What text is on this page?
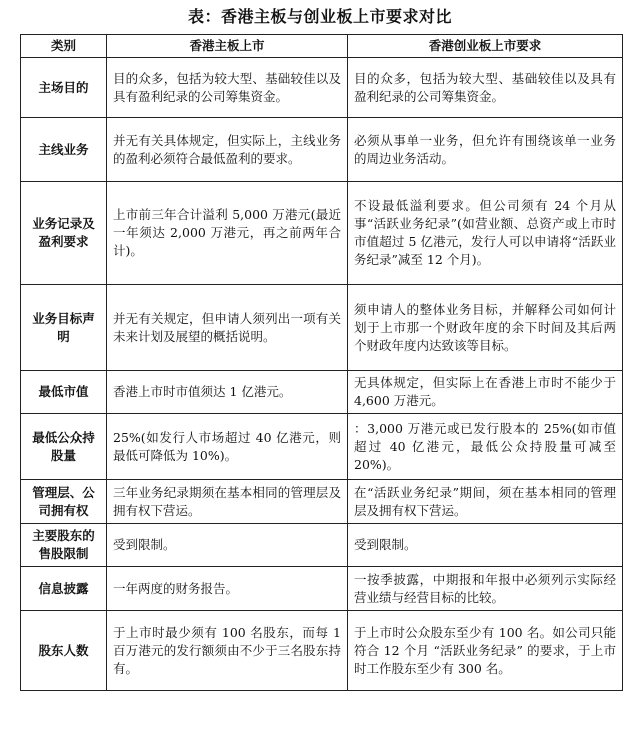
表：香港主板与创业板上市要求对比
类别	香港主板上市	香港创业板上市要求
主场目的	目的众多，包括为较大型、基础较佳以及具有盈利纪录的公司筹集资金。	目的众多，包括为较大型、基础较佳以及具有盈利纪录的公司筹集资金。
主线业务	并无有关具体规定，但实际上，主线业务的盈利必须符合最低盈利的要求。	必须从事单一业务，但允许有围绕该单一业务的周边业务活动。
业务记录及盈利要求	上市前三年合计溢利 5,000 万港元(最近一年须达 2,000 万港元，再之前两年合计)。	不设最低溢利要求。但公司须有 24 个月从事“活跃业务纪录”(如营业额、总资产或上市时市值超过 5 亿港元，发行人可以申请将“活跃业务纪录”减至 12 个月)。
业务目标声明	并无有关规定，但申请人须列出一项有关未来计划及展望的概括说明。	须申请人的整体业务目标，并解释公司如何计划于上市那一个财政年度的余下时间及其后两个财政年度内达致该等目标。
最低市值	香港上市时市值须达 1 亿港元。	无具体规定，但实际上在香港上市时不能少于 4,600 万港元。
最低公众持股量	25%(如发行人市场超过 40 亿港元，则最低可降低为 10%)。	：3,000 万港元或已发行股本的 25%(如市值超过 40 亿港元，最低公众持股量可减至 20%)。
管理层、公司拥有权	三年业务纪录期须在基本相同的管理层及拥有权下营运。	在“活跃业务纪录”期间，须在基本相同的管理层及拥有权下营运。
主要股东的售股限制	受到限制。	受到限制。
信息披露	一年两度的财务报告。	一按季披露，中期报和年报中必须列示实际经营业绩与经营目标的比较。
股东人数	于上市时最少须有 100 名股东，而每 1 百万港元的发行额须由不少于三名股东持有。	于上市时公众股东至少有 100 名。如公司只能符合 12 个月 “活跃业务纪录” 的要求，于上市时工作股东至少有 300 名。
